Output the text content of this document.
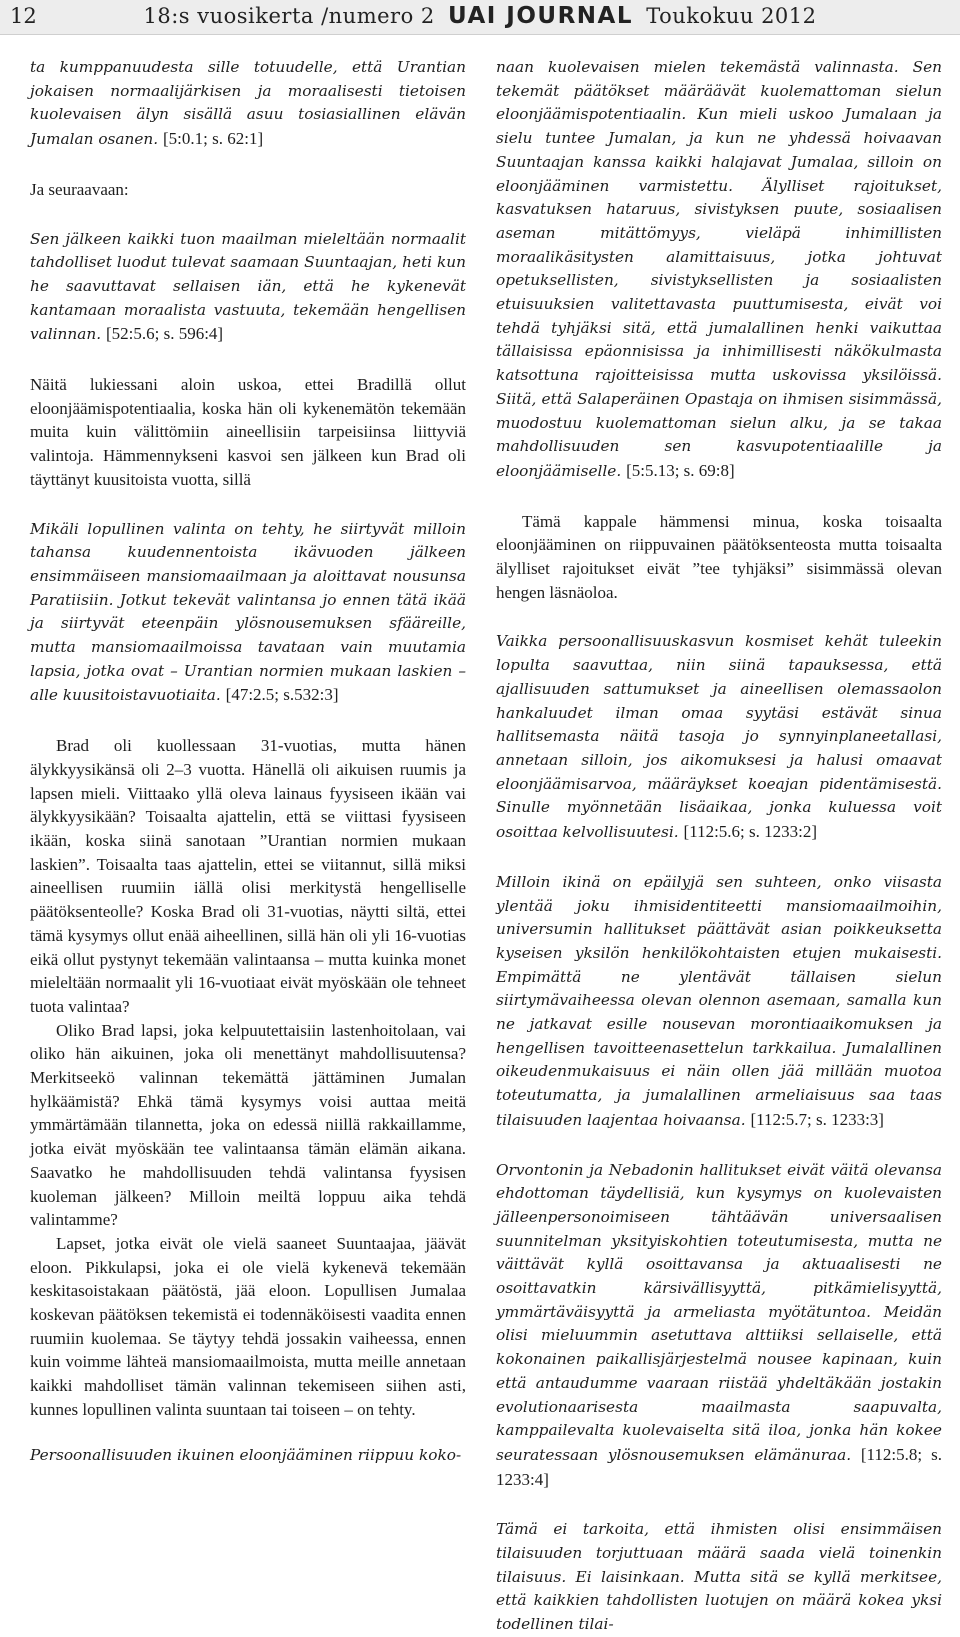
12	18:s vuosikerta /numero 2 UAI JOURNAL Toukokuu 2012

ta kumppanuudesta sille totuudelle, että Urantian jokaisen normaalijärkisen ja moraalisesti tietoisen kuolevaisen älyn sisällä asuu tosiasiallinen elävän Jumalan osanen. [5:0.1; s. 62:1]

Ja seuraavaan:

Sen jälkeen kaikki tuon maailman mieleltään normaalit tahdolliset luodut tulevat saamaan Suuntaajan, heti kun he saavuttavat sellaisen iän, että he kykenevät kantamaan moraalista vastuuta, tekemään hengellisen valinnan. [52:5.6; s. 596:4]

Näitä lukiessani aloin uskoa, ettei Bradillä ollut eloonjäämispotentiaalia, koska hän oli kykenemätön tekemään muita kuin välittömiin aineellisiin tarpeisiinsa liittyviä valintoja. Hämmennykseni kasvoi sen jälkeen kun Brad oli täyttänyt kuusitoista vuotta, sillä

Mikäli lopullinen valinta on tehty, he siirtyvät milloin tahansa kuudennentoista ikävuoden jälkeen ensimmäiseen mansiomaailmaan ja aloittavat nousunsa Paratiisiin. Jotkut tekevät valintansa jo ennen tätä ikää ja siirtyvät eteenpäin ylösnousemuksen sfääreille, mutta mansiomaailmoissa tavataan vain muutamia lapsia, jotka ovat – Urantian normien mukaan laskien – alle kuusitoistavuotiaita. [47:2.5; s.532:3]

Brad oli kuollessaan 31-vuotias, mutta hänen älykkyysikänsä oli 2–3 vuotta. Hänellä oli aikuisen ruumis ja lapsen mieli. Viittaako yllä oleva lainaus fyysiseen ikään vai älykkyysikään? Toisaalta ajattelin, että se viittasi fyysiseen ikään, koska siinä sanotaan ”Urantian normien mukaan laskien”. Toisaalta taas ajattelin, ettei se viitannut, sillä miksi aineellisen ruumiin iällä olisi merkitystä hengelliselle päätöksenteolle? Koska Brad oli 31-vuotias, näytti siltä, ettei tämä kysymys ollut enää aiheellinen, sillä hän oli yli 16-vuotias eikä ollut pystynyt tekemään valintaansa – mutta kuinka monet mieleltään normaalit yli 16-vuotiaat eivät myöskään ole tehneet tuota valintaa?

Oliko Brad lapsi, joka kelpuutettaisiin lastenhoitolaan, vai oliko hän aikuinen, joka oli menettänyt mahdollisuutensa? Merkitseekö valinnan tekemättä jättäminen Jumalan hylkäämistä? Ehkä tämä kysymys voisi auttaa meitä ymmärtämään tilannetta, joka on edessä niillä rakkaillamme, jotka eivät myöskään tee valintaansa tämän elämän aikana. Saavatko he mahdollisuuden tehdä valintansa fyysisen kuoleman jälkeen? Milloin meiltä loppuu aika tehdä valintamme?

Lapset, jotka eivät ole vielä saaneet Suuntaajaa, jäävät eloon. Pikkulapsi, joka ei ole vielä kykenevä tekemään keskitasoistakaan päätöstä, jää eloon. Lopullisen Jumalaa koskevan päätöksen tekemistä ei todennäköisesti vaadita ennen ruumiin kuolemaa. Se täytyy tehdä jossakin vaiheessa, ennen kuin voimme lähteä mansiomaailmoista, mutta meille annetaan kaikki mahdolliset tämän valinnan tekemiseen siihen asti, kunnes lopullinen valinta suuntaan tai toiseen – on tehty.

Persoonallisuuden ikuinen eloonjääminen riippuu koko-

naan kuolevaisen mielen tekemästä valinnasta. Sen tekemät päätökset määräävät kuolemattoman sielun eloonjäämispotentiaalin. Kun mieli uskoo Jumalaan ja sielu tuntee Jumalan, ja kun ne yhdessä hoivaavan Suuntaajan kanssa kaikki halajavat Jumalaa, silloin on eloonjääminen varmistettu. Älylliset rajoitukset, kasvatuksen hataruus, sivistyksen puute, sosiaalisen aseman mitättömyys, vieläpä inhimillisten moraalikäsitysten alamittaisuus, jotka johtuvat opetuksellisten, sivistyksellisten ja sosiaalisten etuisuuksien valitettavasta puuttumisesta, eivät voi tehdä tyhjäksi sitä, että jumalallinen henki vaikuttaa tällaisissa epäonnisissa ja inhimillisesti näkökulmasta katsottuna rajoitteisissa mutta uskovissa yksilöissä. Siitä, että Salaperäinen Opastaja on ihmisen sisimmässä, muodostuu kuolemattoman sielun alku, ja se takaa mahdollisuuden sen kasvupotentiaalille ja eloonjäämiselle. [5:5.13; s. 69:8]

Tämä kappale hämmensi minua, koska toisaalta eloonjääminen on riippuvainen päätöksenteosta mutta toisaalta älylliset rajoitukset eivät ”tee tyhjäksi” sisimmässä olevan hengen läsnäoloa.

Vaikka persoonallisuuskasvun kosmiset kehät tuleekin lopulta saavuttaa, niin siinä tapauksessa, että ajallisuuden sattumukset ja aineellisen olemassaolon hankaluudet ilman omaa syytäsi estävät sinua hallitsemasta näitä tasoja jo synnyinplaneetallasi, annetaan silloin, jos aikomuksesi ja halusi omaavat eloonjäämisarvoa, määräykset koeajan pidentämisestä. Sinulle myönnetään lisäaikaa, jonka kuluessa voit osoittaa kelvollisuutesi. [112:5.6; s. 1233:2]

Milloin ikinä on epäilyjä sen suhteen, onko viisasta ylentää joku ihmisidentiteetti mansiomaailmoihin, universumin hallitukset päättävät asian poikkeuksetta kyseisen yksilön henkilökohtaisten etujen mukaisesti. Empimättä ne ylentävät tällaisen sielun siirtymävaiheessa olevan olennon asemaan, samalla kun ne jatkavat esille nousevan morontiaaikomuksen ja hengellisen tavoitteenasettelun tarkkailua. Jumalallinen oikeudenmukaisuus ei näin ollen jää millään muotoa toteutumatta, ja jumalallinen armeliaisuus saa taas tilaisuuden laajentaa hoivaansa. [112:5.7; s. 1233:3]

Orvontonin ja Nebadonin hallitukset eivät väitä olevansa ehdottoman täydellisiä, kun kysymys on kuolevaisten jälleenpersonoimiseen tähtäävän universaalisen suunnitelman yksityiskohtien toteutumisesta, mutta ne väittävät kyllä osoittavansa ja aktuaalisesti ne osoittavatkin kärsivällisyyttä, pitkämielisyyttä, ymmärtäväisyyttä ja armeliasta myötätuntoa. Meidän olisi mieluummin asetuttava alttiiksi sellaiselle, että kokonainen paikallisjärjestelmä nousee kapinaan, kuin että antaudumme vaaraan riistää yhdeltäkään jostakin evolutionaarisesta maailmasta saapuvalta, kamppailevalta kuolevaiselta sitä iloa, jonka hän kokee seuratessaan ylösnousemuksen elämänuraa. [112:5.8; s. 1233:4]

Tämä ei tarkoita, että ihmisten olisi ensimmäisen tilaisuuden torjuttuaan määrä saada vielä toinenkin tilaisuus. Ei laisinkaan. Mutta sitä se kyllä merkitsee, että kaikkien tahdollisten luotujen on määrä kokea yksi todellinen tilai-
